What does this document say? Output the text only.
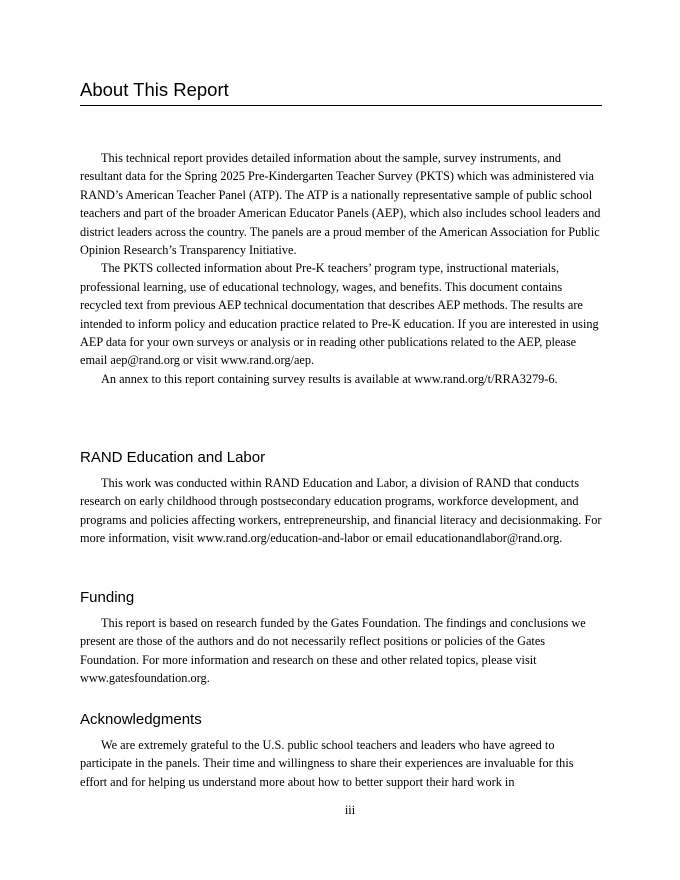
About This Report

This technical report provides detailed information about the sample, survey instruments, and resultant data for the Spring 2025 Pre-Kindergarten Teacher Survey (PKTS) which was administered via RAND’s American Teacher Panel (ATP). The ATP is a nationally representative sample of public school teachers and part of the broader American Educator Panels (AEP), which also includes school leaders and district leaders across the country. The panels are a proud member of the American Association for Public Opinion Research’s Transparency Initiative.

The PKTS collected information about Pre-K teachers’ program type, instructional materials, professional learning, use of educational technology, wages, and benefits. This document contains recycled text from previous AEP technical documentation that describes AEP methods. The results are intended to inform policy and education practice related to Pre-K education. If you are interested in using AEP data for your own surveys or analysis or in reading other publications related to the AEP, please email aep@rand.org or visit www.rand.org/aep.

An annex to this report containing survey results is available at www.rand.org/t/RRA3279-6.

RAND Education and Labor

This work was conducted within RAND Education and Labor, a division of RAND that conducts research on early childhood through postsecondary education programs, workforce development, and programs and policies affecting workers, entrepreneurship, and financial literacy and decisionmaking. For more information, visit www.rand.org/education-and-labor or email educationandlabor@rand.org.

Funding

This report is based on research funded by the Gates Foundation. The findings and conclusions we present are those of the authors and do not necessarily reflect positions or policies of the Gates Foundation. For more information and research on these and other related topics, please visit www.gatesfoundation.org.

Acknowledgments

We are extremely grateful to the U.S. public school teachers and leaders who have agreed to participate in the panels. Their time and willingness to share their experiences are invaluable for this effort and for helping us understand more about how to better support their hard work in

iii
